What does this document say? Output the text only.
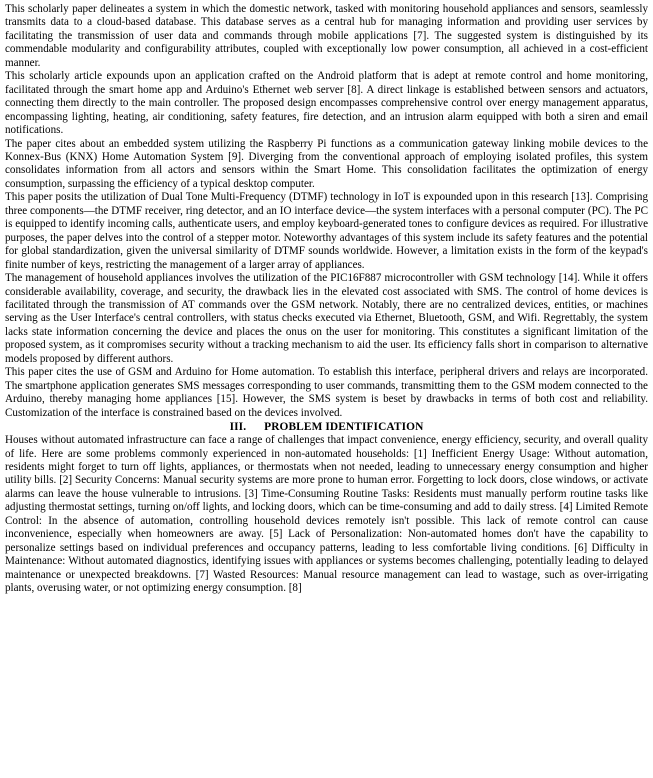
This scholarly paper delineates a system in which the domestic network, tasked with monitoring household appliances and sensors, seamlessly transmits data to a cloud-based database. This database serves as a central hub for managing information and providing user services by facilitating the transmission of user data and commands through mobile applications [7]. The suggested system is distinguished by its commendable modularity and configurability attributes, coupled with exceptionally low power consumption, all achieved in a cost-efficient manner.

This scholarly article expounds upon an application crafted on the Android platform that is adept at remote control and home monitoring, facilitated through the smart home app and Arduino's Ethernet web server [8]. A direct linkage is established between sensors and actuators, connecting them directly to the main controller. The proposed design encompasses comprehensive control over energy management apparatus, encompassing lighting, heating, air conditioning, safety features, fire detection, and an intrusion alarm equipped with both a siren and email notifications.

The paper cites about an embedded system utilizing the Raspberry Pi functions as a communication gateway linking mobile devices to the Konnex-Bus (KNX) Home Automation System [9]. Diverging from the conventional approach of employing isolated profiles, this system consolidates information from all actors and sensors within the Smart Home. This consolidation facilitates the optimization of energy consumption, surpassing the efficiency of a typical desktop computer.

This paper posits the utilization of Dual Tone Multi-Frequency (DTMF) technology in IoT is expounded upon in this research [13]. Comprising three components—the DTMF receiver, ring detector, and an IO interface device—the system interfaces with a personal computer (PC). The PC is equipped to identify incoming calls, authenticate users, and employ keyboard-generated tones to configure devices as required. For illustrative purposes, the paper delves into the control of a stepper motor. Noteworthy advantages of this system include its safety features and the potential for global standardization, given the universal similarity of DTMF sounds worldwide. However, a limitation exists in the form of the keypad's finite number of keys, restricting the management of a larger array of appliances.

The management of household appliances involves the utilization of the PIC16F887 microcontroller with GSM technology [14]. While it offers considerable availability, coverage, and security, the drawback lies in the elevated cost associated with SMS. The control of home devices is facilitated through the transmission of AT commands over the GSM network. Notably, there are no centralized devices, entities, or machines serving as the User Interface's central controllers, with status checks executed via Ethernet, Bluetooth, GSM, and Wifi. Regrettably, the system lacks state information concerning the device and places the onus on the user for monitoring. This constitutes a significant limitation of the proposed system, as it compromises security without a tracking mechanism to aid the user. Its efficiency falls short in comparison to alternative models proposed by different authors.

This paper cites the use of GSM and Arduino for Home automation. To establish this interface, peripheral drivers and relays are incorporated. The smartphone application generates SMS messages corresponding to user commands, transmitting them to the GSM modem connected to the Arduino, thereby managing home appliances [15]. However, the SMS system is beset by drawbacks in terms of both cost and reliability. Customization of the interface is constrained based on the devices involved.

III. PROBLEM IDENTIFICATION

Houses without automated infrastructure can face a range of challenges that impact convenience, energy efficiency, security, and overall quality of life. Here are some problems commonly experienced in non-automated households: [1] Inefficient Energy Usage: Without automation, residents might forget to turn off lights, appliances, or thermostats when not needed, leading to unnecessary energy consumption and higher utility bills. [2] Security Concerns: Manual security systems are more prone to human error. Forgetting to lock doors, close windows, or activate alarms can leave the house vulnerable to intrusions. [3] Time-Consuming Routine Tasks: Residents must manually perform routine tasks like adjusting thermostat settings, turning on/off lights, and locking doors, which can be time-consuming and add to daily stress. [4] Limited Remote Control: In the absence of automation, controlling household devices remotely isn't possible. This lack of remote control can cause inconvenience, especially when homeowners are away. [5] Lack of Personalization: Non-automated homes don't have the capability to personalize settings based on individual preferences and occupancy patterns, leading to less comfortable living conditions. [6] Difficulty in Maintenance: Without automated diagnostics, identifying issues with appliances or systems becomes challenging, potentially leading to delayed maintenance or unexpected breakdowns. [7] Wasted Resources: Manual resource management can lead to wastage, such as over-irrigating plants, overusing water, or not optimizing energy consumption. [8]
